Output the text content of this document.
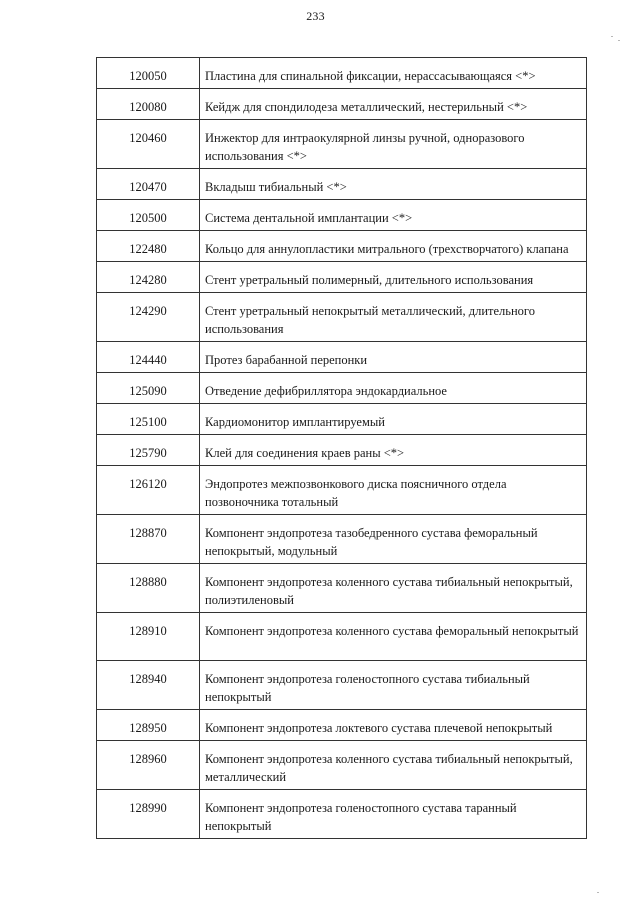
233
120050	Пластина для спинальной фиксации, нерассасывающаяся <*>
120080	Кейдж для спондилодеза металлический, нестерильный <*>
120460	Инжектор для интраокулярной линзы ручной, одноразового использования <*>
120470	Вкладыш тибиальный <*>
120500	Система дентальной имплантации <*>
122480	Кольцо для аннулопластики митрального (трехстворчатого) клапана
124280	Стент уретральный полимерный, длительного использования
124290	Стент уретральный непокрытый металлический, длительного использования
124440	Протез барабанной перепонки
125090	Отведение дефибриллятора эндокардиальное
125100	Кардиомонитор имплантируемый
125790	Клей для соединения краев раны <*>
126120	Эндопротез межпозвонкового диска поясничного отдела позвоночника тотальный
128870	Компонент эндопротеза тазобедренного сустава феморальный непокрытый, модульный
128880	Компонент эндопротеза коленного сустава тибиальный непокрытый, полиэтиленовый
128910	Компонент эндопротеза коленного сустава феморальный непокрытый
128940	Компонент эндопротеза голеностопного сустава тибиальный непокрытый
128950	Компонент эндопротеза локтевого сустава плечевой непокрытый
128960	Компонент эндопротеза коленного сустава тибиальный непокрытый, металлический
128990	Компонент эндопротеза голеностопного сустава таранный непокрытый
